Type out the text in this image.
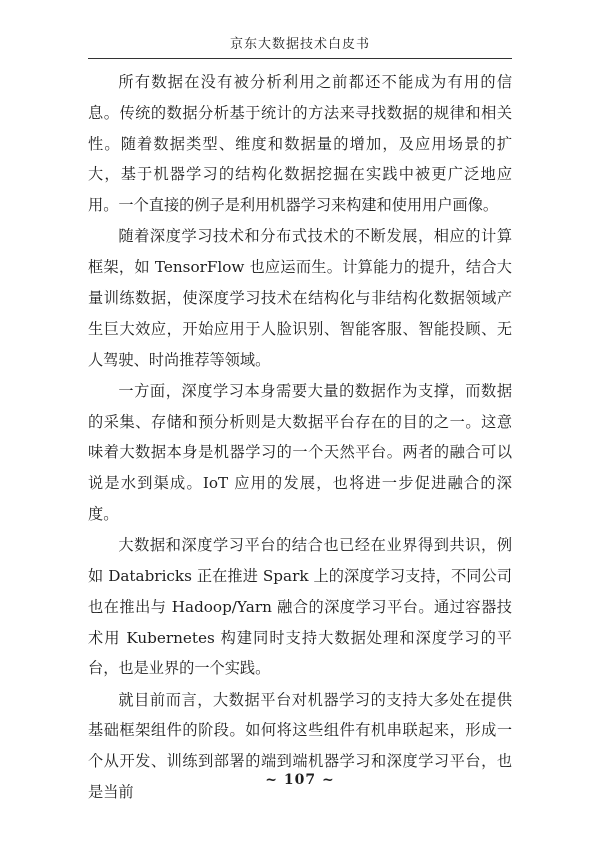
京东大数据技术白皮书

所有数据在没有被分析利用之前都还不能成为有用的信息。传统的数据分析基于统计的方法来寻找数据的规律和相关性。随着数据类型、维度和数据量的增加，及应用场景的扩大，基于机器学习的结构化数据挖掘在实践中被更广泛地应用。一个直接的例子是利用机器学习来构建和使用用户画像。

随着深度学习技术和分布式技术的不断发展，相应的计算框架，如 TensorFlow 也应运而生。计算能力的提升，结合大量训练数据，使深度学习技术在结构化与非结构化数据领域产生巨大效应，开始应用于人脸识别、智能客服、智能投顾、无人驾驶、时尚推荐等领域。

一方面，深度学习本身需要大量的数据作为支撑，而数据的采集、存储和预分析则是大数据平台存在的目的之一。这意味着大数据本身是机器学习的一个天然平台。两者的融合可以说是水到渠成。IoT 应用的发展，也将进一步促进融合的深度。

大数据和深度学习平台的结合也已经在业界得到共识，例如 Databricks 正在推进 Spark 上的深度学习支持，不同公司也在推出与 Hadoop/Yarn 融合的深度学习平台。通过容器技术用 Kubernetes 构建同时支持大数据处理和深度学习的平台，也是业界的一个实践。

就目前而言，大数据平台对机器学习的支持大多处在提供基础框架组件的阶段。如何将这些组件有机串联起来，形成一个从开发、训练到部署的端到端机器学习和深度学习平台，也是当前

~ 107 ~
